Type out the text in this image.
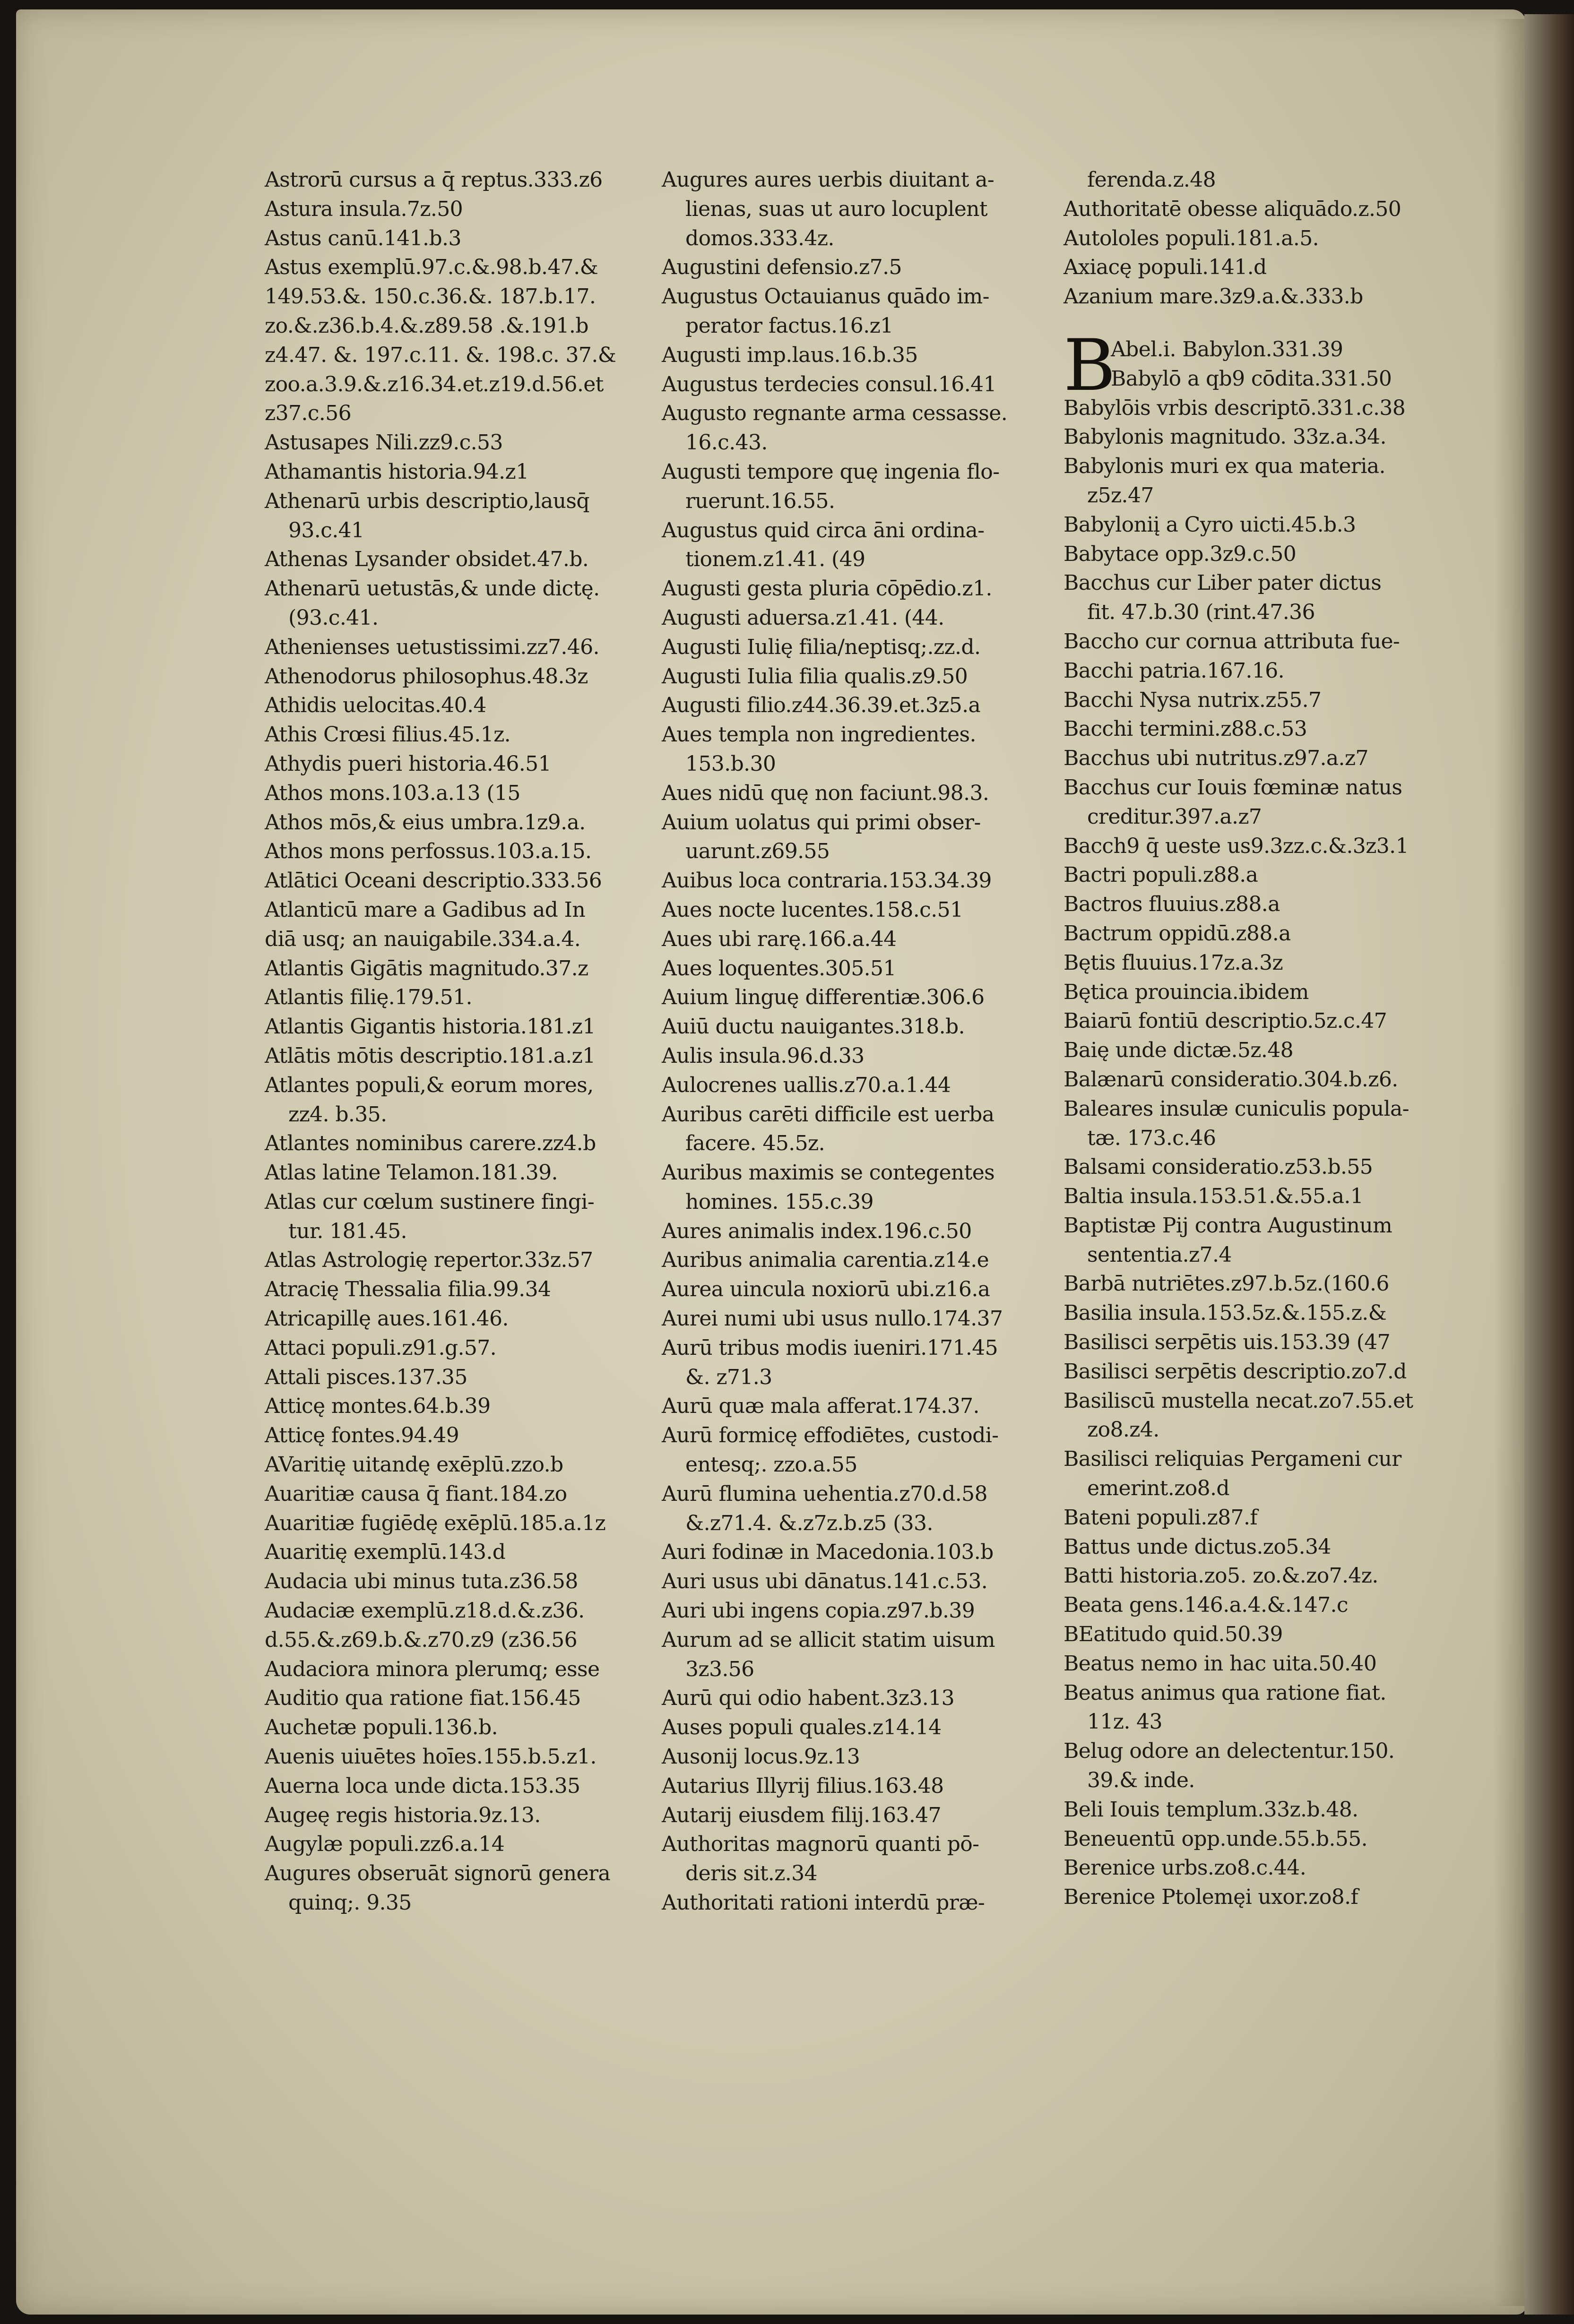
Astrorū cursus a q̄ reptus.333.z6
Astura insula.7z.50
Astus canū.141.b.3
Astus exemplū.97.c.&.98.b.47.&
149.53.&. 150.c.36.&. 187.b.17.
zo.&.z36.b.4.&.z89.58 .&.191.b
z4.47. &. 197.c.11. &. 198.c. 37.&
zoo.a.3.9.&.z16.34.et.z19.d.56.et
z37.c.56
Astusapes Nili.zz9.c.53
Athamantis historia.94.z1
Athenarū urbis descriptio,lausq̄
93.c.41
Athenas Lysander obsidet.47.b.
Athenarū uetustās,& unde dictę.
(93.c.41.
Athenienses uetustissimi.zz7.46.
Athenodorus philosophus.48.3z
Athidis uelocitas.40.4
Athis Crœsi filius.45.1z.
Athydis pueri historia.46.51
Athos mons.103.a.13 (15
Athos mōs,& eius umbra.1z9.a.
Athos mons perfossus.103.a.15.
Atlātici Oceani descriptio.333.56
Atlanticū mare a Gadibus ad In
diā usq; an nauigabile.334.a.4.
Atlantis Gigātis magnitudo.37.z
Atlantis filię.179.51.
Atlantis Gigantis historia.181.z1
Atlātis mōtis descriptio.181.a.z1
Atlantes populi,& eorum mores,
zz4. b.35.
Atlantes nominibus carere.zz4.b
Atlas latine Telamon.181.39.
Atlas cur cœlum sustinere fingi-
tur. 181.45.
Atlas Astrologię repertor.33z.57
Atracię Thessalia filia.99.34
Atricapillę aues.161.46.
Attaci populi.z91.g.57.
Attali pisces.137.35
Atticę montes.64.b.39
Atticę fontes.94.49
AVaritię uitandę exēplū.zzo.b
Auaritiæ causa q̄ fiant.184.zo
Auaritiæ fugiēdę exēplū.185.a.1z
Auaritię exemplū.143.d
Audacia ubi minus tuta.z36.58
Audaciæ exemplū.z18.d.&.z36.
d.55.&.z69.b.&.z70.z9 (z36.56
Audaciora minora plerumq; esse
Auditio qua ratione fiat.156.45
Auchetæ populi.136.b.
Auenis uiuētes hoīes.155.b.5.z1.
Auerna loca unde dicta.153.35
Augeę regis historia.9z.13.
Augylæ populi.zz6.a.14
Augures obseruāt signorū genera
quinq;. 9.35
Augures aures uerbis diuitant a-
lienas, suas ut auro locuplent
domos.333.4z.
Augustini defensio.z7.5
Augustus Octauianus quādo im-
perator factus.16.z1
Augusti imp.laus.16.b.35
Augustus terdecies consul.16.41
Augusto regnante arma cessasse.
16.c.43.
Augusti tempore quę ingenia flo-
ruerunt.16.55.
Augustus quid circa āni ordina-
tionem.z1.41. (49
Augusti gesta pluria cōpēdio.z1.
Augusti aduersa.z1.41. (44.
Augusti Iulię filia/neptisq;.zz.d.
Augusti Iulia filia qualis.z9.50
Augusti filio.z44.36.39.et.3z5.a
Aues templa non ingredientes.
153.b.30
Aues nidū quę non faciunt.98.3.
Auium uolatus qui primi obser-
uarunt.z69.55
Auibus loca contraria.153.34.39
Aues nocte lucentes.158.c.51
Aues ubi rarę.166.a.44
Aues loquentes.305.51
Auium linguę differentiæ.306.6
Auiū ductu nauigantes.318.b.
Aulis insula.96.d.33
Aulocrenes uallis.z70.a.1.44
Auribus carēti difficile est uerba
facere. 45.5z.
Auribus maximis se contegentes
homines. 155.c.39
Aures animalis index.196.c.50
Auribus animalia carentia.z14.e
Aurea uincula noxiorū ubi.z16.a
Aurei numi ubi usus nullo.174.37
Aurū tribus modis iueniri.171.45
&. z71.3
Aurū quæ mala afferat.174.37.
Aurū formicę effodiētes, custodi-
entesq;. zzo.a.55
Aurū flumina uehentia.z70.d.58
&.z71.4. &.z7z.b.z5 (33.
Auri fodinæ in Macedonia.103.b
Auri usus ubi dānatus.141.c.53.
Auri ubi ingens copia.z97.b.39
Aurum ad se allicit statim uisum
3z3.56
Aurū qui odio habent.3z3.13
Auses populi quales.z14.14
Ausonij locus.9z.13
Autarius Illyrij filius.163.48
Autarij eiusdem filij.163.47
Authoritas magnorū quanti pō-
deris sit.z.34
Authoritati rationi interdū præ-
ferenda.z.48
Authoritatē obesse aliquādo.z.50
Autololes populi.181.a.5.
Axiacę populi.141.d
Azanium mare.3z9.a.&.333.b
B
Abel.i. Babylon.331.39
Babylō a qb9 cōdita.331.50
Babylōis vrbis descriptō.331.c.38
Babylonis magnitudo. 33z.a.34.
Babylonis muri ex qua materia.
z5z.47
Babyloniį a Cyro uicti.45.b.3
Babytace opp.3z9.c.50
Bacchus cur Liber pater dictus
fit. 47.b.30 (rint.47.36
Baccho cur cornua attributa fue-
Bacchi patria.167.16.
Bacchi Nysa nutrix.z55.7
Bacchi termini.z88.c.53
Bacchus ubi nutritus.z97.a.z7
Bacchus cur Iouis fœminæ natus
creditur.397.a.z7
Bacch9 q̄ ueste us9.3zz.c.&.3z3.1
Bactri populi.z88.a
Bactros fluuius.z88.a
Bactrum oppidū.z88.a
Bętis fluuius.17z.a.3z
Bętica prouincia.ibidem
Baiarū fontiū descriptio.5z.c.47
Baię unde dictæ.5z.48
Balænarū consideratio.304.b.z6.
Baleares insulæ cuniculis popula-
tæ. 173.c.46
Balsami consideratio.z53.b.55
Baltia insula.153.51.&.55.a.1
Baptistæ Pij contra Augustinum
sententia.z7.4
Barbā nutriētes.z97.b.5z.(160.6
Basilia insula.153.5z.&.155.z.&
Basilisci serpētis uis.153.39 (47
Basilisci serpētis descriptio.zo7.d
Basiliscū mustella necat.zo7.55.et
zo8.z4.
Basilisci reliquias Pergameni cur
emerint.zo8.d
Bateni populi.z87.f
Battus unde dictus.zo5.34
Batti historia.zo5. zo.&.zo7.4z.
Beata gens.146.a.4.&.147.c
BEatitudo quid.50.39
Beatus nemo in hac uita.50.40
Beatus animus qua ratione fiat.
11z. 43
Belug odore an delectentur.150.
39.& inde.
Beli Iouis templum.33z.b.48.
Beneuentū opp.unde.55.b.55.
Berenice urbs.zo8.c.44.
Berenice Ptolemęi uxor.zo8.f
